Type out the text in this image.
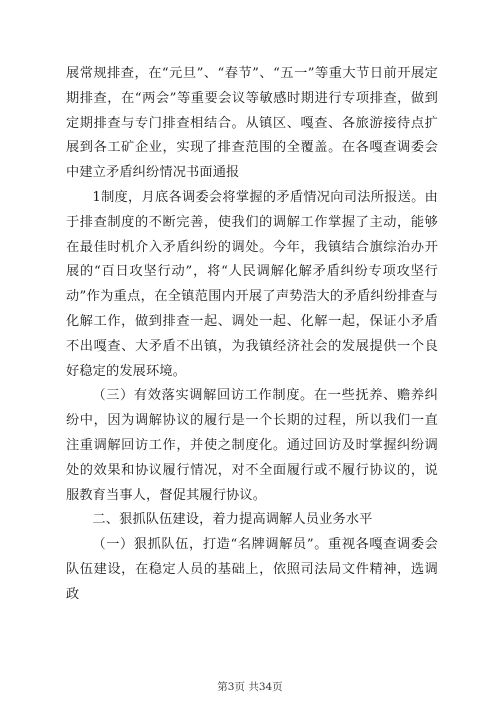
展常规排查，在“元旦”、“春节”、“五一”等重大节日前开展定期排查，在“两会”等重要会议等敏感时期进行专项排查，做到定期排查与专门排查相结合。从镇区、嘎查、各旅游接待点扩展到各工矿企业，实现了排查范围的全覆盖。在各嘎查调委会中建立矛盾纠纷情况书面通报

1制度，月底各调委会将掌握的矛盾情况向司法所报送。由于排查制度的不断完善，使我们的调解工作掌握了主动，能够在最佳时机介入矛盾纠纷的调处。今年，我镇结合旗综治办开展的“百日攻坚行动”，将“人民调解化解矛盾纠纷专项攻坚行动”作为重点，在全镇范围内开展了声势浩大的矛盾纠纷排查与化解工作，做到排查一起、调处一起、化解一起，保证小矛盾不出嘎查、大矛盾不出镇，为我镇经济社会的发展提供一个良好稳定的发展环境。

（三）有效落实调解回访工作制度。在一些抚养、赡养纠纷中，因为调解协议的履行是一个长期的过程，所以我们一直注重调解回访工作，并使之制度化。通过回访及时掌握纠纷调处的效果和协议履行情况，对不全面履行或不履行协议的，说服教育当事人，督促其履行协议。

二、狠抓队伍建设，着力提高调解人员业务水平

（一）狠抓队伍，打造“名牌调解员”。重视各嘎查调委会队伍建设，在稳定人员的基础上，依照司法局文件精神，选调政

第3页 共34页
